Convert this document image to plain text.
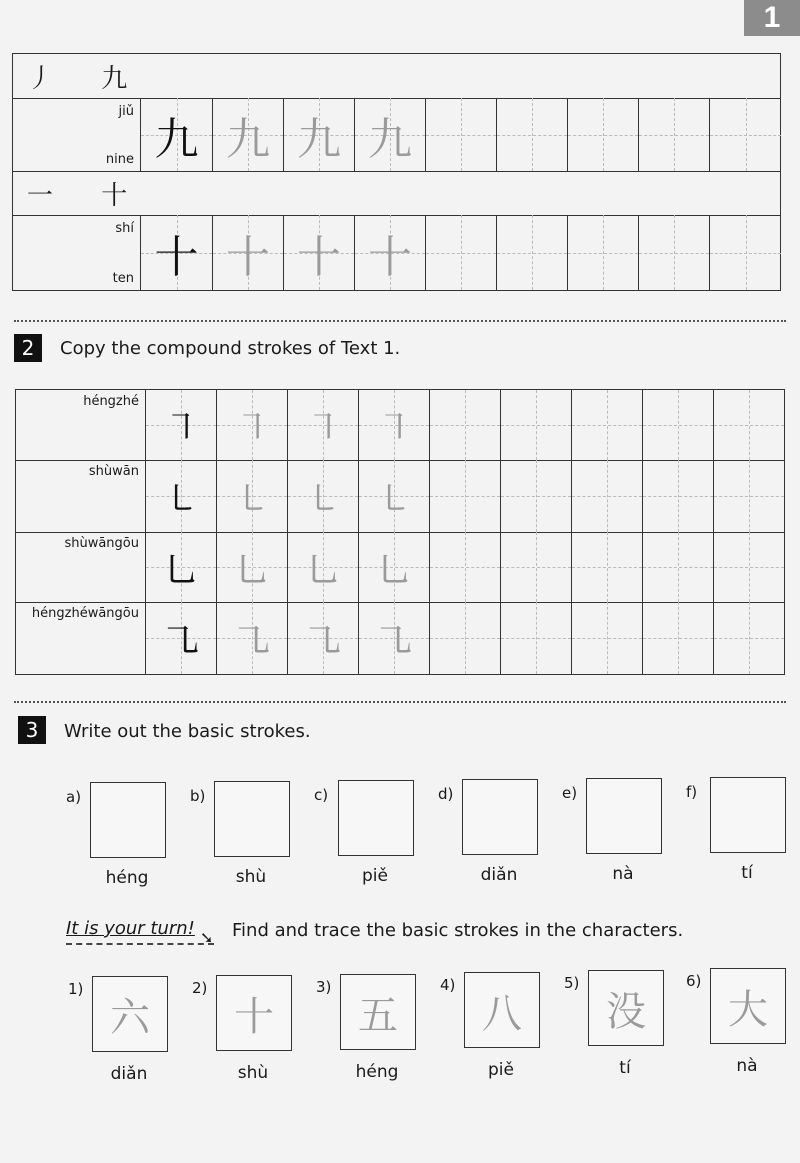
1
丿 九
jiǔ
nine 九 九 九 九
一 十
shí
ten 十 十 十 十
2	Copy the compound strokes of Text 1.
héngzhé
㇕ ㇕ ㇕ ㇕
shùwān
㇄ ㇄ ㇄ ㇄
shùwāngōu
㇟ ㇟ ㇟ ㇟
héngzhéwāngōu
㇈ ㇈ ㇈ ㇈
3	Write out the basic strokes.
a)
héng
b)
shù
c)
piě
d)
diǎn
e)
nà
f)
tí
It is your turn! ➘ Find and trace the basic strokes in the characters.
1)
六
diǎn
2)
十
shù
3)
五
héng
4)
八
piě
5)
没
tí
6)
大
nà
